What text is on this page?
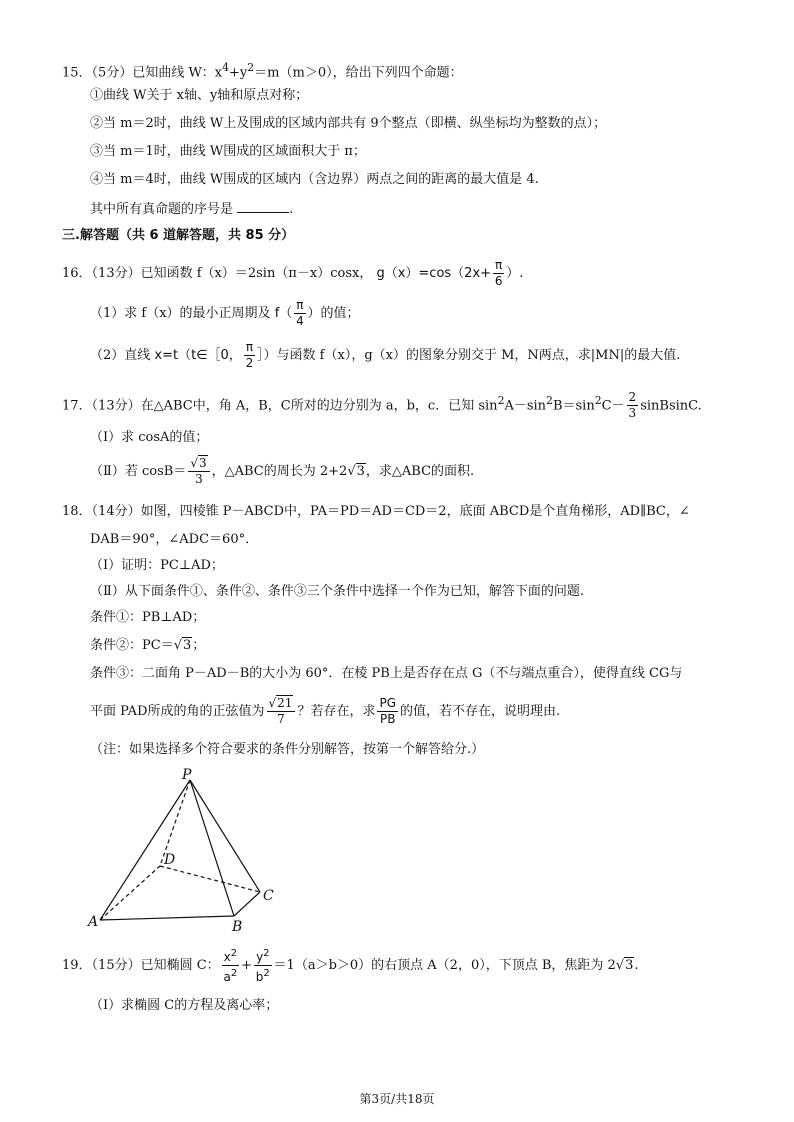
15．（5分）已知曲线 W：$x^4+y^2=m(m>0)$，给出下列四个命题：
①曲线 W关于 x轴、y轴和原点对称；
②当 m＝2时，曲线 W上及围成的区域内部共有 9个整点（即横、纵坐标均为整数的点）；
③当 m＝1时，曲线 W围成的区域面积大于 π；
④当 m＝4时，曲线 W围成的区域内（含边界）两点之间的距离的最大值是 4.
其中所有真命题的序号是	.
三.解答题（共 6 道解答题，共 85 分）
16．（13分）已知函数 f（x）＝2sin（π－x）cosx， $g(x)=\cos(2x+ \frac{\pi}{6}$ ）.
（1）求 f（x）的最小正周期及 $f( \frac{\pi}{4}$ ）的值；
（2）直线 x=t（t∈［0， $\frac{\pi}{2}$ ］）与函数 f（x），g（x）的图象分别交于 M，N两点，求|MN|的最大值.
17．（13分）在△ABC中，角 A，B，C所对的边分别为 a，b，c．已知 $\sin^2A-\sin^2B=\sin^2C- \frac{2}{3}$ sinBsinC.
（Ⅰ）求 cosA的值；
（Ⅱ）若 $\cos B= \frac{√3}{3}$ ，△ABC的周长为 2+2√3，求△ABC的面积.
18．（14分）如图，四棱锥 P－ABCD中，PA＝PD＝AD＝CD＝2，底面 ABCD是个直角梯形，AD∥BC，∠
DAB＝90°，∠ADC＝60°．
（Ⅰ）证明：PC⊥AD；
（Ⅱ）从下面条件①、条件②、条件③三个条件中选择一个作为已知，解答下面的问题.
条件①：PB⊥AD；
条件②：PC＝√3；
条件③：二面角 P－AD－B的大小为 60°．在棱 PB上是否存在点 G（不与端点重合），使得直线 CG与
平面 PAD所成的角的正弦值为 $\frac{√21}{7}$ ？若存在，求 $\frac{PG}{PB}$ 的值，若不存在，说明理由.
（注：如果选择多个符合要求的条件分别解答，按第一个解答给分.）
P
D
C
A	B
19．（15分）已知椭圆 C： $\frac{x^2}{a^2} + \frac{y^2}{b^2} =1(a>b>0)$的右顶点 A（2，0），下顶点 B，焦距为 2√3.
（Ⅰ）求椭圆 C的方程及离心率；
第3页/共18页
